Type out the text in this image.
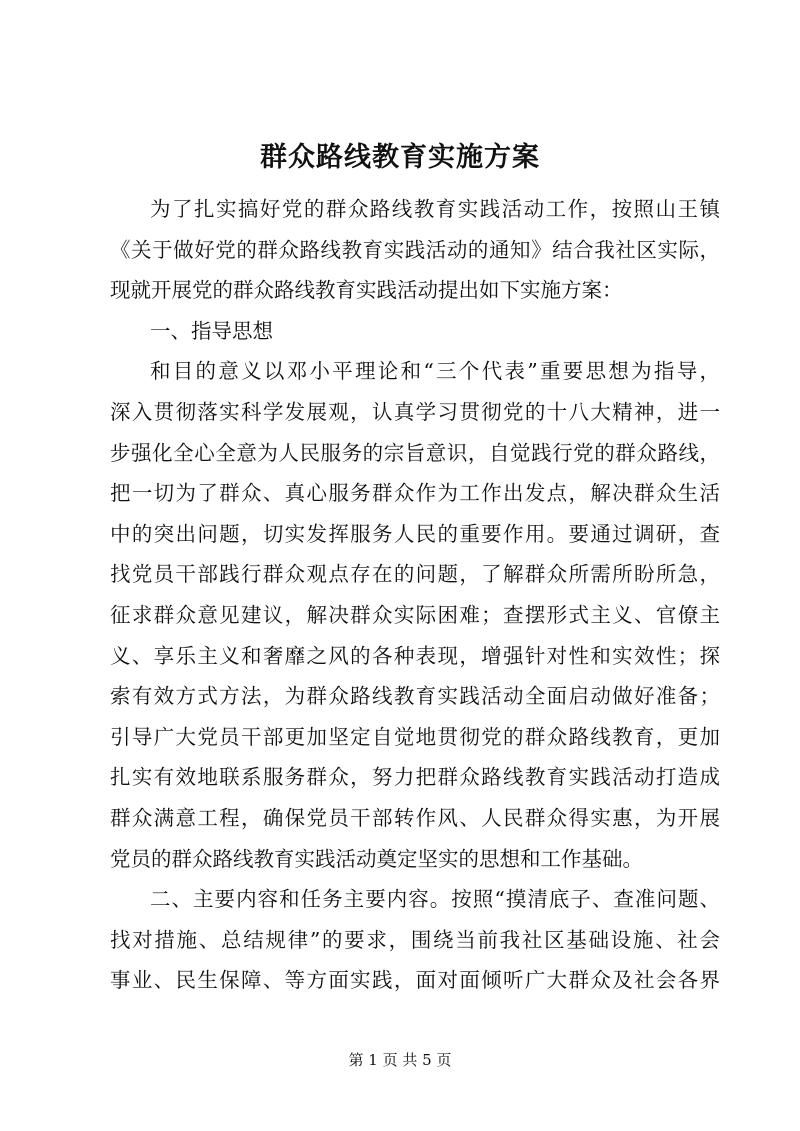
群众路线教育实施方案
为了扎实搞好党的群众路线教育实践活动工作，按照山王镇
《关于做好党的群众路线教育实践活动的通知》结合我社区实际，
现就开展党的群众路线教育实践活动提出如下实施方案：
一、指导思想
和目的意义以邓小平理论和“三个代表”重要思想为指导，
深入贯彻落实科学发展观，认真学习贯彻党的十八大精神，进一
步强化全心全意为人民服务的宗旨意识，自觉践行党的群众路线，
把一切为了群众、真心服务群众作为工作出发点，解决群众生活
中的突出问题，切实发挥服务人民的重要作用。要通过调研，查
找党员干部践行群众观点存在的问题，了解群众所需所盼所急，
征求群众意见建议，解决群众实际困难；查摆形式主义、官僚主
义、享乐主义和奢靡之风的各种表现，增强针对性和实效性；探
索有效方式方法，为群众路线教育实践活动全面启动做好准备；
引导广大党员干部更加坚定自觉地贯彻党的群众路线教育，更加
扎实有效地联系服务群众，努力把群众路线教育实践活动打造成
群众满意工程，确保党员干部转作风、人民群众得实惠，为开展
党员的群众路线教育实践活动奠定坚实的思想和工作基础。
二、主要内容和任务主要内容。按照“摸清底子、查准问题、
找对措施、总结规律”的要求，围绕当前我社区基础设施、社会
事业、民生保障、等方面实践，面对面倾听广大群众及社会各界
第 1 页 共 5 页
